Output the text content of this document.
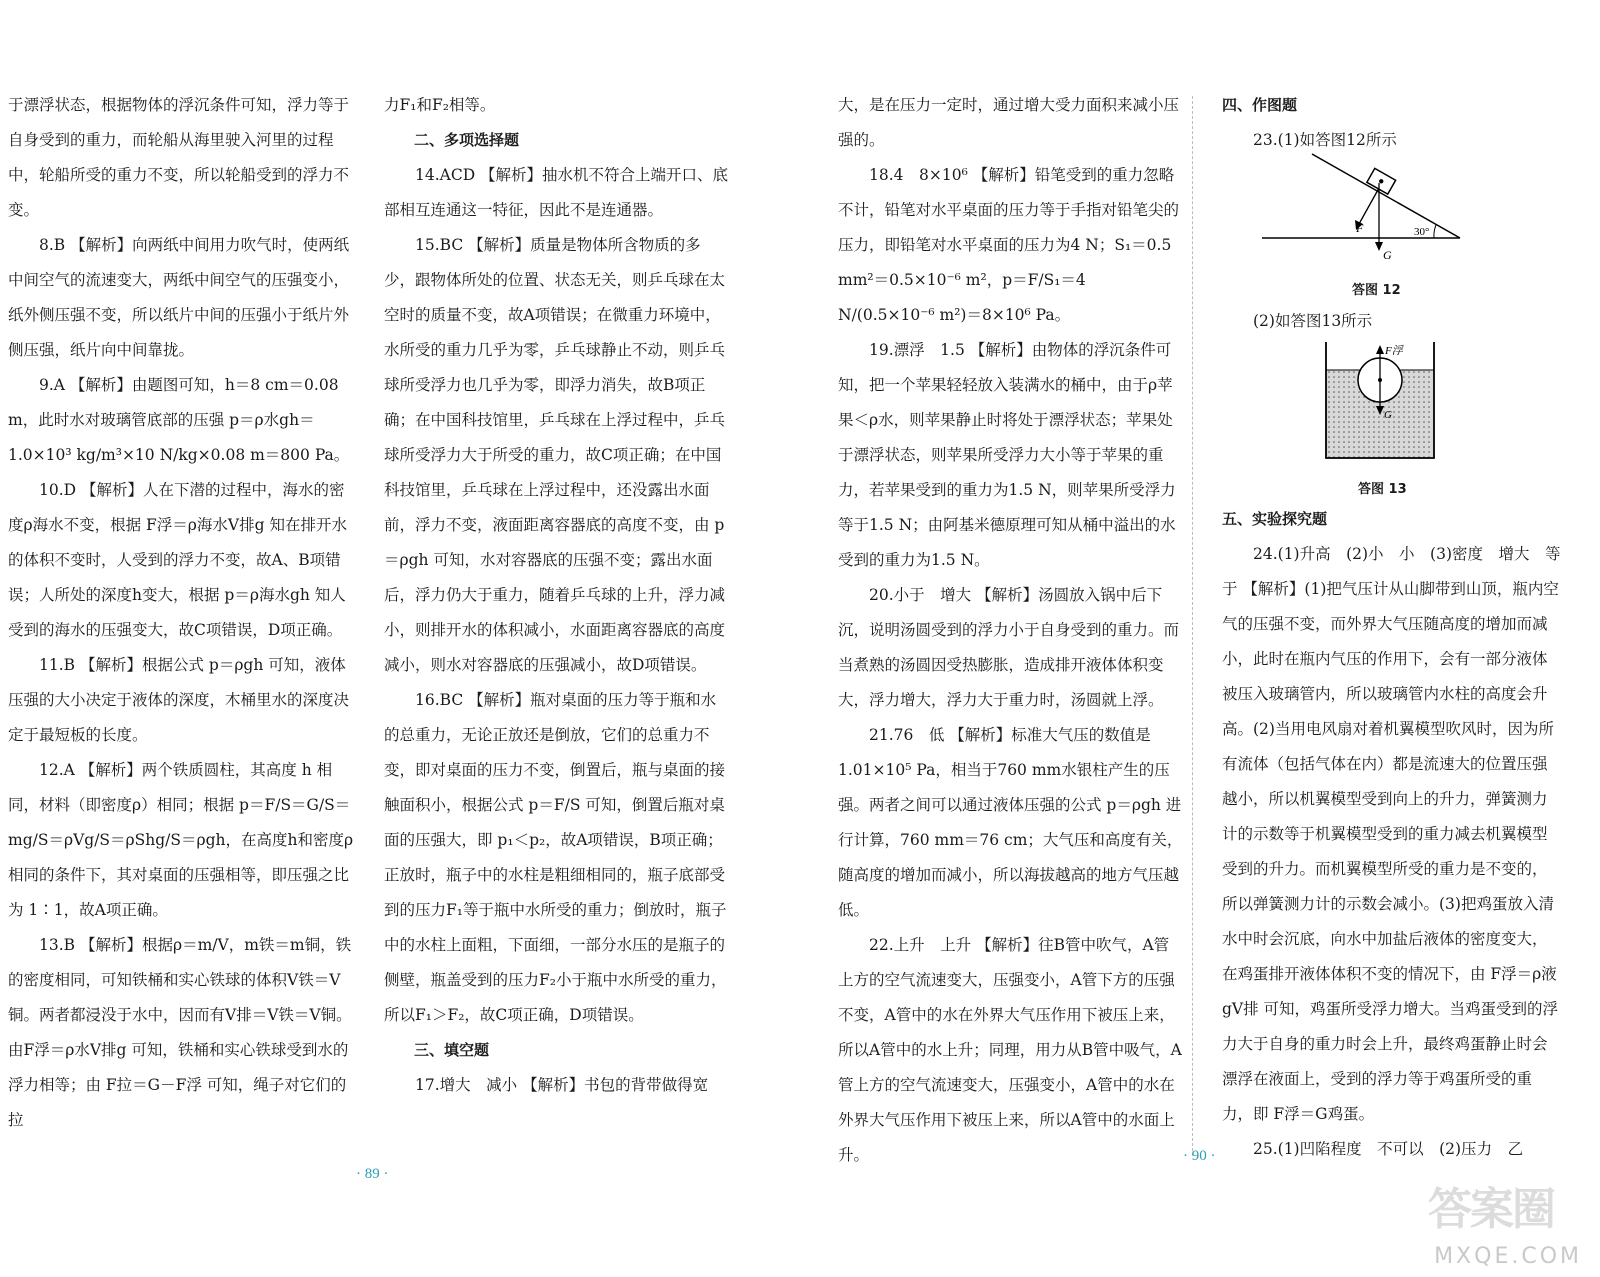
于漂浮状态，根据物体的浮沉条件可知，浮力等于自身受到的重力，而轮船从海里驶入河里的过程中，轮船所受的重力不变，所以轮船受到的浮力不变。

8.B 【解析】向两纸中间用力吹气时，使两纸中间空气的流速变大，两纸中间空气的压强变小，纸外侧压强不变，所以纸片中间的压强小于纸片外侧压强，纸片向中间靠拢。

9.A 【解析】由题图可知，h＝8 cm＝0.08 m，此时水对玻璃管底部的压强 p＝ρ水gh＝1.0×10³ kg/m³×10 N/kg×0.08 m＝800 Pa。

10.D 【解析】人在下潜的过程中，海水的密度ρ海水不变，根据 F浮＝ρ海水V排g 知在排开水的体积不变时，人受到的浮力不变，故A、B项错误；人所处的深度h变大，根据 p＝ρ海水gh 知人受到的海水的压强变大，故C项错误，D项正确。

11.B 【解析】根据公式 p＝ρgh 可知，液体压强的大小决定于液体的深度，木桶里水的深度决定于最短板的长度。

12.A 【解析】两个铁质圆柱，其高度 h 相同，材料（即密度ρ）相同；根据 p＝F/S＝G/S＝mg/S＝ρVg/S＝ρShg/S＝ρgh，在高度h和密度ρ相同的条件下，其对桌面的压强相等，即压强之比为 1∶1，故A项正确。

13.B 【解析】根据ρ＝m/V，m铁＝m铜，铁的密度相同，可知铁桶和实心铁球的体积V铁＝V铜。两者都浸没于水中，因而有V排＝V铁＝V铜。由F浮＝ρ水V排g 可知，铁桶和实心铁球受到水的浮力相等；由 F拉＝G－F浮 可知，绳子对它们的拉

力F₁和F₂相等。

二、多项选择题

14.ACD 【解析】抽水机不符合上端开口、底部相互连通这一特征，因此不是连通器。

15.BC 【解析】质量是物体所含物质的多少，跟物体所处的位置、状态无关，则乒乓球在太空时的质量不变，故A项错误；在微重力环境中，水所受的重力几乎为零，乒乓球静止不动，则乒乓球所受浮力也几乎为零，即浮力消失，故B项正确；在中国科技馆里，乒乓球在上浮过程中，乒乓球所受浮力大于所受的重力，故C项正确；在中国科技馆里，乒乓球在上浮过程中，还没露出水面前，浮力不变，液面距离容器底的高度不变，由 p＝ρgh 可知，水对容器底的压强不变；露出水面后，浮力仍大于重力，随着乒乓球的上升，浮力减小，则排开水的体积减小，水面距离容器底的高度减小，则水对容器底的压强减小，故D项错误。

16.BC 【解析】瓶对桌面的压力等于瓶和水的总重力，无论正放还是倒放，它们的总重力不变，即对桌面的压力不变，倒置后，瓶与桌面的接触面积小，根据公式 p＝F/S 可知，倒置后瓶对桌面的压强大，即 p₁＜p₂，故A项错误，B项正确；正放时，瓶子中的水柱是粗细相同的，瓶子底部受到的压力F₁等于瓶中水所受的重力；倒放时，瓶子中的水柱上面粗，下面细，一部分水压的是瓶子的侧壁，瓶盖受到的压力F₂小于瓶中水所受的重力，所以F₁＞F₂，故C项正确，D项错误。

三、填空题

17.增大　减小 【解析】书包的背带做得宽

大，是在压力一定时，通过增大受力面积来减小压强的。

18.4　8×10⁶ 【解析】铅笔受到的重力忽略不计，铅笔对水平桌面的压力等于手指对铅笔尖的压力，即铅笔对水平桌面的压力为4 N；S₁＝0.5 mm²＝0.5×10⁻⁶ m²，p＝F/S₁＝4 N/(0.5×10⁻⁶ m²)＝8×10⁶ Pa。

19.漂浮　1.5 【解析】由物体的浮沉条件可知，把一个苹果轻轻放入装满水的桶中，由于ρ苹果＜ρ水，则苹果静止时将处于漂浮状态；苹果处于漂浮状态，则苹果所受浮力大小等于苹果的重力，若苹果受到的重力为1.5 N，则苹果所受浮力等于1.5 N；由阿基米德原理可知从桶中溢出的水受到的重力为1.5 N。

20.小于　增大 【解析】汤圆放入锅中后下沉，说明汤圆受到的浮力小于自身受到的重力。而当煮熟的汤圆因受热膨胀，造成排开液体体积变大，浮力增大，浮力大于重力时，汤圆就上浮。

21.76　低 【解析】标准大气压的数值是1.01×10⁵ Pa，相当于760 mm水银柱产生的压强。两者之间可以通过液体压强的公式 p＝ρgh 进行计算，760 mm＝76 cm；大气压和高度有关，随高度的增加而减小，所以海拔越高的地方气压越低。

22.上升　上升 【解析】往B管中吹气，A管上方的空气流速变大，压强变小，A管下方的压强不变，A管中的水在外界大气压作用下被压上来，所以A管中的水上升；同理，用力从B管中吸气，A管上方的空气流速变大，压强变小，A管中的水在外界大气压作用下被压上来，所以A管中的水面上升。

四、作图题

23.(1)如答图12所示

F
G
30°
答图 12

(2)如答图13所示

F浮
G
答图 13

五、实验探究题

24.(1)升高　(2)小　小　(3)密度　增大　等于 【解析】(1)把气压计从山脚带到山顶，瓶内空气的压强不变，而外界大气压随高度的增加而减小，此时在瓶内气压的作用下，会有一部分液体被压入玻璃管内，所以玻璃管内水柱的高度会升高。(2)当用电风扇对着机翼模型吹风时，因为所有流体（包括气体在内）都是流速大的位置压强越小，所以机翼模型受到向上的升力，弹簧测力计的示数等于机翼模型受到的重力减去机翼模型受到的升力。而机翼模型所受的重力是不变的，所以弹簧测力计的示数会减小。(3)把鸡蛋放入清水中时会沉底，向水中加盐后液体的密度变大，在鸡蛋排开液体体积不变的情况下，由 F浮＝ρ液gV排 可知，鸡蛋所受浮力增大。当鸡蛋受到的浮力大于自身的重力时会上升，最终鸡蛋静止时会漂浮在液面上，受到的浮力等于鸡蛋所受的重力，即 F浮＝G鸡蛋。

25.(1)凹陷程度　不可以　(2)压力　乙

· 89 ·
· 90 ·
答案圈
MXQE.COM
